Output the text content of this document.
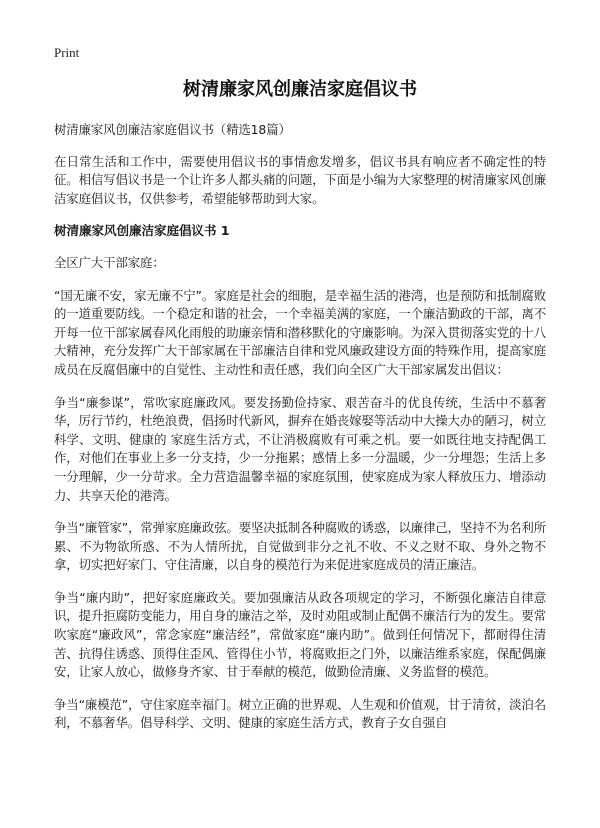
Print
树清廉家风创廉洁家庭倡议书

树清廉家风创廉洁家庭倡议书（精选18篇）

在日常生活和工作中，需要使用倡议书的事情愈发增多，倡议书具有响应者不确定性的特征。相信写倡议书是一个让许多人都头痛的问题，下面是小编为大家整理的树清廉家风创廉洁家庭倡议书，仅供参考，希望能够帮助到大家。

树清廉家风创廉洁家庭倡议书 1

全区广大干部家庭：

“国无廉不安，家无廉不宁”。家庭是社会的细胞，是幸福生活的港湾，也是预防和抵制腐败的一道重要防线。一个稳定和谐的社会，一个幸福美满的家庭，一个廉洁勤政的干部，离不开每一位干部家属春风化雨般的助廉亲情和潜移默化的守廉影响。为深入贯彻落实党的十八大精神，充分发挥广大干部家属在干部廉洁自律和党风廉政建设方面的特殊作用，提高家庭成员在反腐倡廉中的自觉性、主动性和责任感，我们向全区广大干部家属发出倡议：

争当“廉参谋”，常吹家庭廉政风。要发扬勤俭持家、艰苦奋斗的优良传统，生活中不慕奢华，厉行节约，杜绝浪费，倡扬时代新风，摒弃在婚丧嫁娶等活动中大操大办的陋习，树立科学、文明、健康的 家庭生活方式，不让消极腐败有可乘之机。要一如既往地支持配偶工作，对他们在事业上多一分支持，少一分拖累；感情上多一分温暖，少一分埋怨；生活上多一分理解，少一分苛求。全力营造温馨幸福的家庭氛围，使家庭成为家人释放压力、增添动力、共享天伦的港湾。

争当“廉管家”，常弹家庭廉政弦。要坚决抵制各种腐败的诱惑，以廉律己，坚持不为名利所累、不为物欲所惑、不为人情所扰，自觉做到非分之礼不收、不义之财不取、身外之物不拿，切实把好家门、守住清廉，以自身的模范行为来促进家庭成员的清正廉洁。

争当“廉内助”，把好家庭廉政关。要加强廉洁从政各项规定的学习，不断强化廉洁自律意识，提升拒腐防变能力，用自身的廉洁之举，及时劝阻或制止配偶不廉洁行为的发生。要常吹家庭“廉政风”，常念家庭“廉洁经”，常做家庭“廉内助”。做到任何情况下，都耐得住清苦、抗得住诱惑、顶得住歪风、管得住小节，将腐败拒之门外，以廉洁维系家庭，保配偶廉安，让家人放心，做修身齐家、甘于奉献的模范，做勤俭清廉、义务监督的模范。

争当“廉模范”，守住家庭幸福门。树立正确的世界观、人生观和价值观，甘于清贫，淡泊名利，不慕奢华。倡导科学、文明、健康的家庭生活方式，教育子女自强自
